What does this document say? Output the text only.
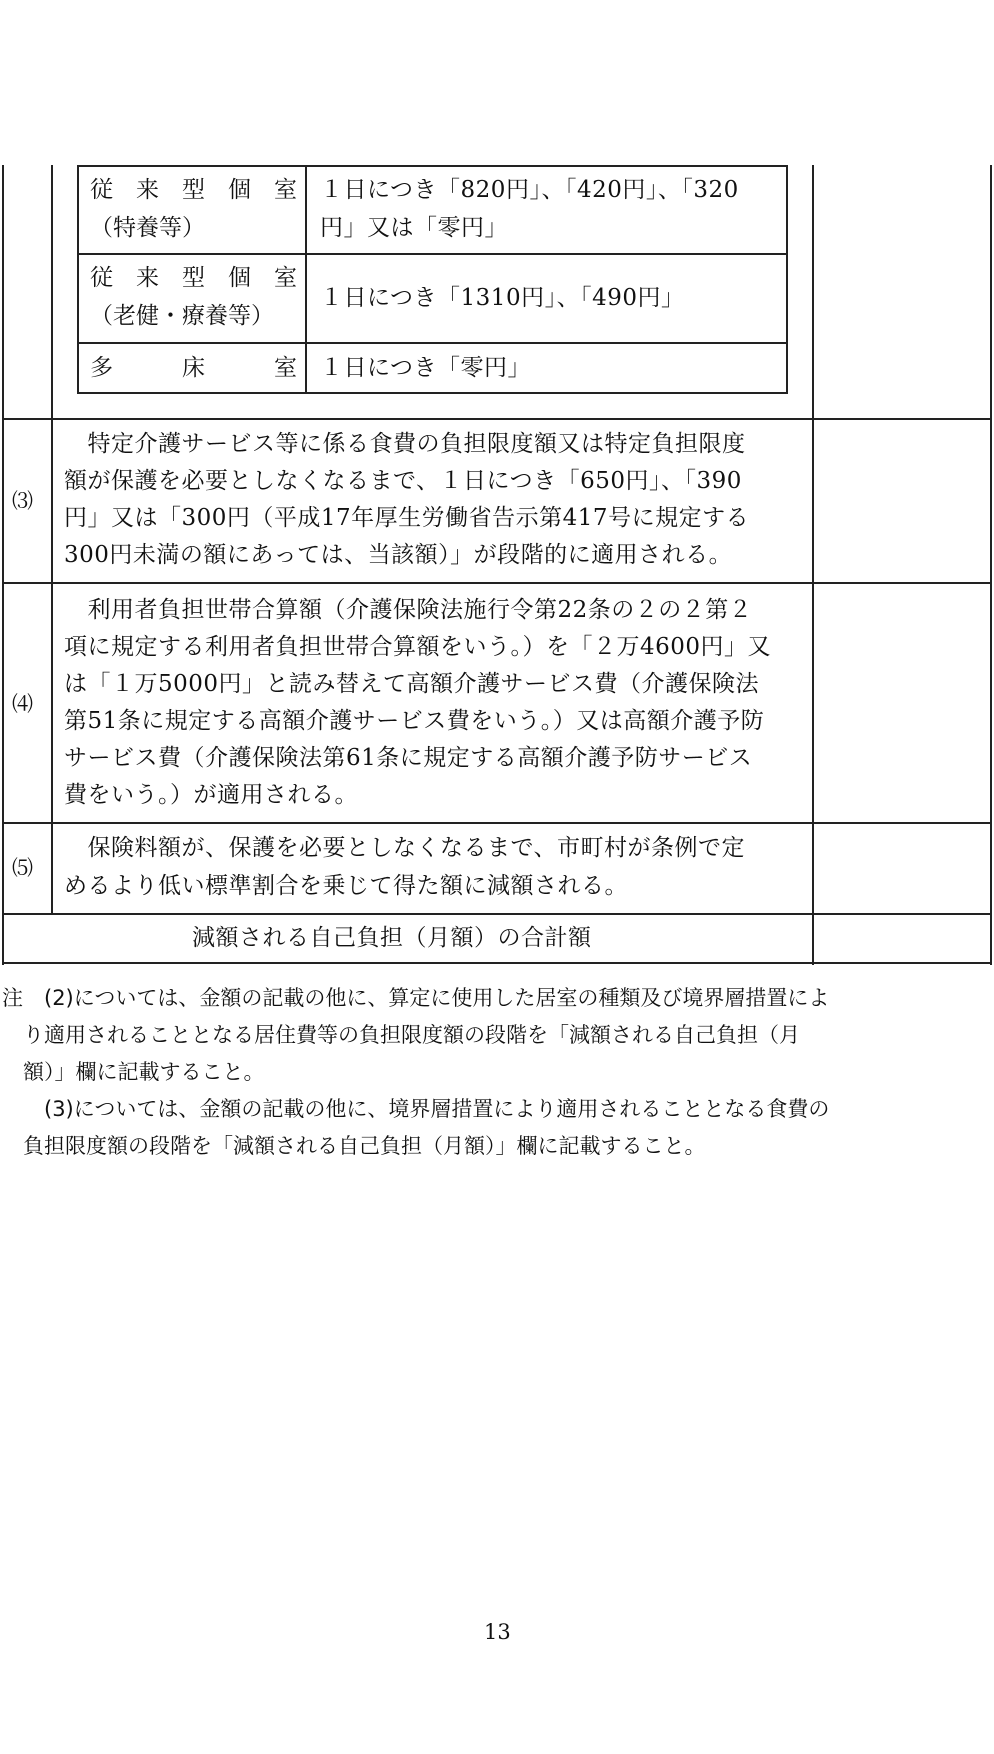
従　来　型　個　室
（特養等）
１日につき「820円」、「420円」、「320
円」又は「零円」
従　来　型　個　室
（老健・療養等）
１日につき「1310円」、「490円」
多　　　床　　　室 １日につき「零円」
⑶
　特定介護サービス等に係る食費の負担限度額又は特定負担限度
額が保護を必要としなくなるまで、１日につき「650円」、「390
円」又は「300円（平成17年厚生労働省告示第417号に規定する
300円未満の額にあっては、当該額）」が段階的に適用される。
⑷
　利用者負担世帯合算額（介護保険法施行令第22条の２の２第２
項に規定する利用者負担世帯合算額をいう。）を「２万4600円」又
は「１万5000円」と読み替えて高額介護サービス費（介護保険法
第51条に規定する高額介護サービス費をいう。）又は高額介護予防
サービス費（介護保険法第61条に規定する高額介護予防サービス
費をいう。）が適用される。
⑸
　保険料額が、保護を必要としなくなるまで、市町村が条例で定
めるより低い標準割合を乗じて得た額に減額される。
減額される自己負担（月額）の合計額
注　(2)については、金額の記載の他に、算定に使用した居室の種類及び境界層措置によ
　り適用されることとなる居住費等の負担限度額の段階を「減額される自己負担（月
　額）」欄に記載すること。
　　(3)については、金額の記載の他に、境界層措置により適用されることとなる食費の
　負担限度額の段階を「減額される自己負担（月額）」欄に記載すること。
13
